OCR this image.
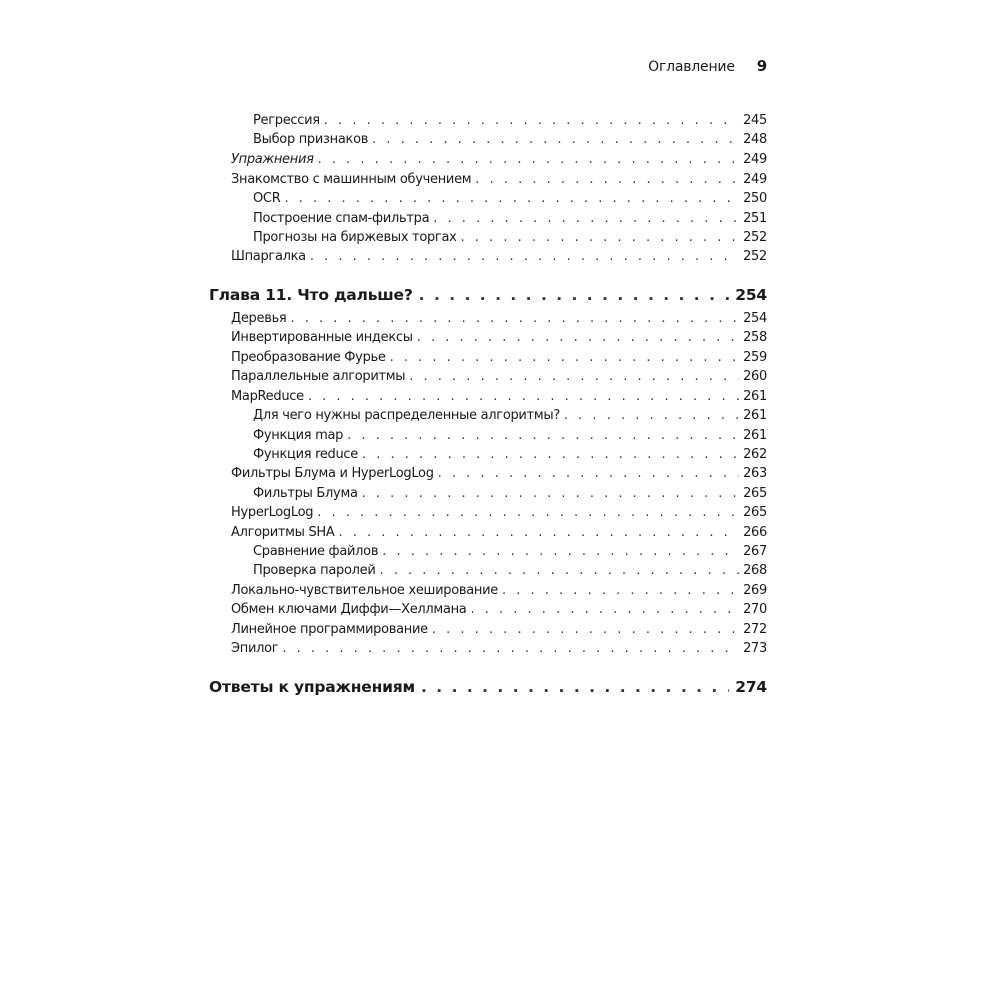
Оглавление 9
Регрессия . . .	245
Выбор признаков . . .	248
Упражнения . . .	249
Знакомство с машинным обучением . . .	249
OCR . . .	250
Построение спам-фильтра . . .	251
Прогнозы на биржевых торгах . . .	252
Шпаргалка . . .	252
Глава 11. Что дальше? . . .	254
Деревья . . .	254
Инвертированные индексы . . .	258
Преобразование Фурье . . .	259
Параллельные алгоритмы . . .	260
MapReduce . . .	261
Для чего нужны распределенные алгоритмы? . . .	261
Функция map . . .	261
Функция reduce . . .	262
Фильтры Блума и HyperLogLog . . .	263
Фильтры Блума . . .	265
HyperLogLog . . .	265
Алгоритмы SHA . . .	266
Сравнение файлов . . .	267
Проверка паролей . . .	268
Локально-чувствительное хеширование . . .	269
Обмен ключами Диффи—Хеллмана . . .	270
Линейное программирование . . .	272
Эпилог . . .	273
Ответы к упражнениям . . .	274
